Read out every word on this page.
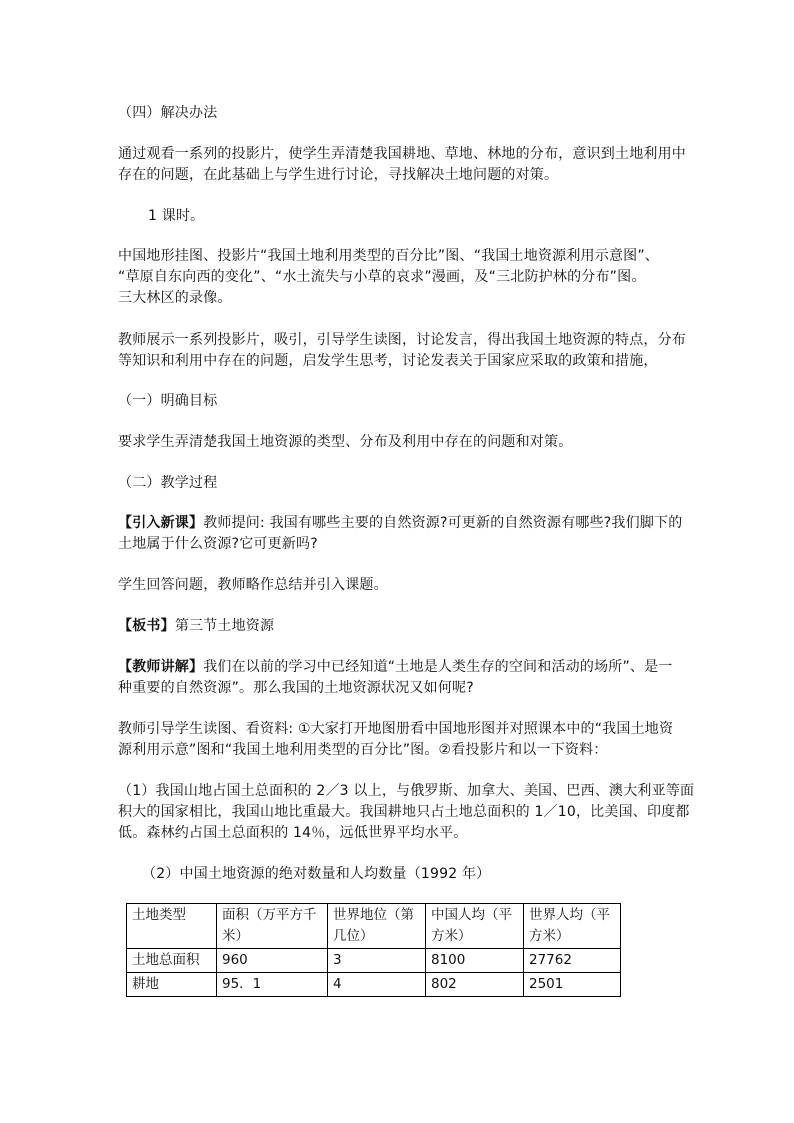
（四）解决办法
通过观看一系列的投影片，使学生弄清楚我国耕地、草地、林地的分布，意识到土地利用中
存在的问题，在此基础上与学生进行讨论，寻找解决土地问题的对策。
1 课时。
中国地形挂图、投影片“我国土地利用类型的百分比”图、“我国土地资源利用示意图”、
“草原自东向西的变化”、“水土流失与小草的哀求”漫画，及“三北防护林的分布”图。
三大林区的录像。
教师展示一系列投影片，吸引，引导学生读图，讨论发言，得出我国土地资源的特点，分布
等知识和利用中存在的问题，启发学生思考，讨论发表关于国家应采取的政策和措施，
（一）明确目标
要求学生弄清楚我国土地资源的类型、分布及利用中存在的问题和对策。
（二）教学过程
【引入新课】教师提问: 我国有哪些主要的自然资源?可更新的自然资源有哪些?我们脚下的
土地属于什么资源?它可更新吗?
学生回答问题，教师略作总结并引入课题。
【板书】第三节土地资源
【教师讲解】我们在以前的学习中已经知道“土地是人类生存的空间和活动的场所”、是一
种重要的自然资源”。那么我国的土地资源状况又如何呢?
教师引导学生读图、看资料: ①大家打开地图册看中国地形图并对照课本中的“我国土地资
源利用示意”图和“我国土地利用类型的百分比”图。②看投影片和以一下资料：
（1）我国山地占国土总面积的 2／3 以上，与俄罗斯、加拿大、美国、巴西、澳大利亚等面
积大的国家相比，我国山地比重最大。我国耕地只占土地总面积的 1／10，比美国、印度都
低。森林约占国土总面积的 14％，远低世界平均水平。
（2）中国土地资源的绝对数量和人均数量（1992 年）
土地类型	面积（万平方千米）	世界地位（第几位）	中国人均（平方米）	世界人均（平方米）
土地总面积	960	3	8100	27762
耕地	95．1	4	802	2501
